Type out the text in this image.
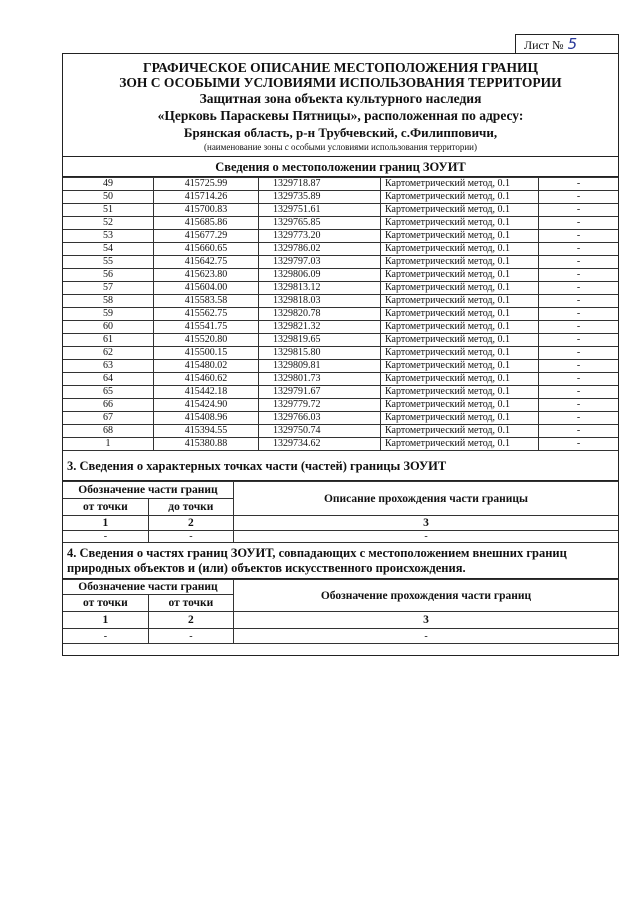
Лист № 5
ГРАФИЧЕСКОЕ ОПИСАНИЕ МЕСТОПОЛОЖЕНИЯ ГРАНИЦ
ЗОН С ОСОБЫМИ УСЛОВИЯМИ ИСПОЛЬЗОВАНИЯ ТЕРРИТОРИИ
Защитная зона объекта культурного наследия
«Церковь Параскевы Пятницы», расположенная по адресу:
Брянская область, р-н Трубчевский, с.Филипповичи,
(наименование зоны с особыми условиями использования территории)
Сведения о местоположении границ ЗОУИТ
49	415725.99	1329718.87	Картометрический метод, 0.1	-
50	415714.26	1329735.89	Картометрический метод, 0.1	-
51	415700.83	1329751.61	Картометрический метод, 0.1	-
52	415685.86	1329765.85	Картометрический метод, 0.1	-
53	415677.29	1329773.20	Картометрический метод, 0.1	-
54	415660.65	1329786.02	Картометрический метод, 0.1	-
55	415642.75	1329797.03	Картометрический метод, 0.1	-
56	415623.80	1329806.09	Картометрический метод, 0.1	-
57	415604.00	1329813.12	Картометрический метод, 0.1	-
58	415583.58	1329818.03	Картометрический метод, 0.1	-
59	415562.75	1329820.78	Картометрический метод, 0.1	-
60	415541.75	1329821.32	Картометрический метод, 0.1	-
61	415520.80	1329819.65	Картометрический метод, 0.1	-
62	415500.15	1329815.80	Картометрический метод, 0.1	-
63	415480.02	1329809.81	Картометрический метод, 0.1	-
64	415460.62	1329801.73	Картометрический метод, 0.1	-
65	415442.18	1329791.67	Картометрический метод, 0.1	-
66	415424.90	1329779.72	Картометрический метод, 0.1	-
67	415408.96	1329766.03	Картометрический метод, 0.1	-
68	415394.55	1329750.74	Картометрический метод, 0.1	-
1	415380.88	1329734.62	Картометрический метод, 0.1	-
3. Сведения о характерных точках части (частей) границы ЗОУИТ
Обозначение части границ		Описание прохождения части границы
от точки	до точки	
1	2	3
-	-	-
4. Сведения о частях границ ЗОУИТ, совпадающих с местоположением внешних границ природных объектов и (или) объектов искусственного происхождения.
Обозначение части границ		Обозначение прохождения части границ
от точки	от точки	
1	2	3
-	-	-
